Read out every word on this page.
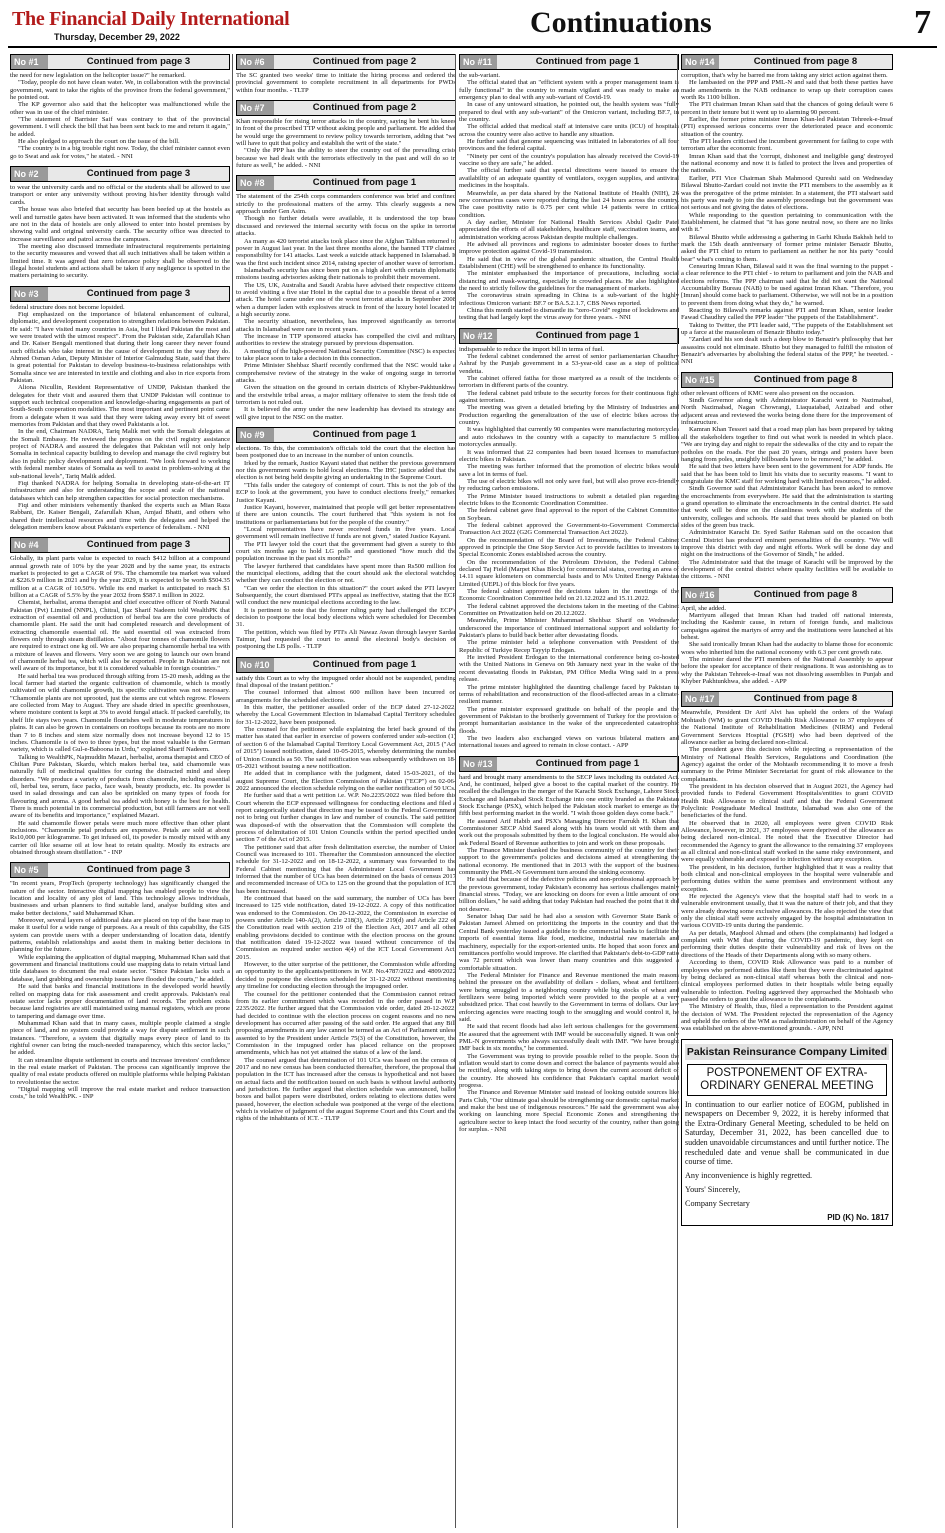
The Financial Daily International
Thursday, December 29, 2022	Continuations	7
No #1	Continued from page 3

the need for new legislation on the helicopter issue?" he remarked.

"Today, people do not have clean water. We, in collaboration with the provincial government, want to take the rights of the province from the federal government," he pointed out.

The KP governor also said that the helicopter was malfunctioned while the other was in use of the chief minister.

"The statement of Barrister Saif was contrary to that of the provincial government. I will check the bill that has been sent back to me and return it again," he added.

He also pledged to approach the court on the issue of the bill.

"The country is in a big trouble right now. Today, the chief minister cannot even go to Swat and ask for votes," he stated. - NNI

No #2	Continued from page 3

to wear the university cards and no official or the students shall be allowed to use transport or enter any university without proving his/her identity through valid cards.

The house was also briefed that security has been beefed up at the hostels as well and turnstile gates have been activated. It was informed that the students who are not in the data of hostels are only allowed to enter into hostel premises by showing valid and original university cards. The security office was directed to increase surveillance and patrol across the campuses.

The meeting also discussed immediate infrastructural requirements pertaining to the security measures and vowed that all such initiatives shall be taken within a limited time. It was agreed that zero tolerance policy shall be observed to the illegal hostel students and actions shall be taken if any negligence is spotted in the matters pertaining to security.

No #3	Continued from page 3

federal structure does not become lopsided.

Fiqi emphasized on the importance of bilateral enhancement of cultural, diplomatic, and development cooperation to strengthen relations between Pakistan. He said: "I have visited many countries in Asia, but I liked Pakistan the most and we were treated with the utmost respect". From the Pakistan side, Zafarullah Khan and Dr. Kaiser Bengali mentioned that during their long career they never found such officials who take interest in the cause of development in the way they do. Ahmed Osman Adan, Deputy Minister of Interior Galmudug State, said that there is great potential for Pakistan to develop business-to-business relationships with Somalia since we are interested in textile and clothing and also in rice exports from Pakistan.

Aliona Nicullin, Resident Representative of UNDP, Pakistan thanked the delegates for their visit and assured them that UNDP Pakistan will continue to support such technical cooperation and knowledge-sharing engagements as part of South-South cooperation modalities. The most important and pertinent point came from a delegate when it was said that they were taking away every bit of sweet memories from Pakistan and that they owed Pakistanis a lot.

In the end, Chairman NADRA, Tariq Malik met with the Somali delegates at the Somali Embassy. He reviewed the progress on the civil registry assistance project of NADRA and assured the delegates that Pakistan will not only help Somalia in technical capacity building to develop and manage the civil registry but also in public policy development and deployment. "We look forward to working with federal member states of Somalia as well to assist in problem-solving at the sub-national levels", Tariq Malik added.

Fiqi thanked NADRA for helping Somalia in developing state-of-the-art IT infrastructure and also for understanding the scope and scale of the national databases which can help strengthen capacities for social protection mechanisms.

Fiqi and other ministers vehemently thanked the experts such as Mian Raza Rabbani, Dr. Kaiser Bengali, Zafarullah Khan, Amjad Bhatti, and others who shared their intellectual resources and time with the delegates and helped the delegation members know about Pakistan's experience of federalism. - NNI

No #4	Continued from page 3

Globally, its plant parts value is expected to reach $412 billion at a compound annual growth rate of 10% by the year 2028 and by the same year, its extracts market is projected to get a CAGR of 9%. The chamomile tea market was valued at $226.9 million in 2021 and by the year 2029, it is expected to be worth $504.35 million at a CAGR of 10.50%. While its end market is anticipated to reach $1 billion at a CAGR of 5.5% by the year 2032 from $587.1 million in 2022.

Chemist, herbalist, aroma therapist and chief executive officer of North Natural Pakistan (Pvt) Limited (NNPL), Chitral, Ijaz Sharif Nadeem told WealthPK that extraction of essential oil and production of herbal tea are the core products of chamomile plant. He said the unit had completed research and development of extracting chamomile essential oil. He said essential oil was extracted from flowers only through steam distillation. "About four tonnes of chamomile flowers are required to extract one kg oil. We are also preparing chamomile herbal tea with a mixture of leaves and flowers. Very soon we are going to launch our own brand of chamomile herbal tea, which will also be exported. People in Pakistan are not well aware of its importance, but it is considered valuable in foreign countries."

He said herbal tea was produced through sifting from 15-20 mesh, adding as the local farmer had started the organic cultivation of chamomile, which is mostly cultivated on wild chamomile growth, its specific cultivation was not necessary. "Chamomile plants are not uprooted, just the stems are cut which regrow. Flowers are collected from May to August. They are shade dried in specific greenhouses, where moisture content is kept at 3% to avoid fungal attack. If packed carefully, its shelf life stays two years. Chamomile flourishes well in moderate temperatures in plains. It can also be grown in containers on rooftops because its roots are no more than 7 to 8 inches and stem size normally does not increase beyond 12 to 15 inches. Chamomile is of two to three types, but the most valuable is the German variety, which is called Gul-e-Baboona in Urdu," explained Sharif Nadeem.

Talking to WealthPK, Najmuddin Mazari, herbalist, aroma therapist and CEO of Chiltan Pure Pakistan, Skardu, which makes herbal tea, said chamomile was naturally full of medicinal qualities for curing the distracted mind and sleep disorders. "We produce a variety of products from chamomile, including essential oil, herbal tea, serum, face packs, face wash, beauty products, etc. Its powder is used in salad dressings and can also be sprinkled on many types of foods for flavouring and aroma. A good herbal tea added with honey is the best for health. There is much potential in its commercial production, but still farmers are not well aware of its benefits and importance," explained Mazari.

He said chamomile flower petals were much more effective than other plant inclusions. "Chamomile petal products are expensive. Petals are sold at about Rs10,000 per kilogramme. To get infused oil, its powder is mostly mixed with any carrier oil like sesame oil at low heat to retain quality. Mostly its extracts are obtained through steam distillation." - INP

No #5	Continued from page 3

"In recent years, PropTech (property technology) has significantly changed the nature of the sector. Interactive digital mapping has enabled people to view the location and locality of any plot of land. This technology allows individuals, businesses and urban planners to find suitable land, analyse building sites and make better decisions," said Muhammad Khan.

Moreover, several layers of additional data are placed on top of the base map to make it useful for a wide range of purposes. As a result of this capability, the GIS system can provide users with a deeper understanding of location data, identify patterns, establish relationships and assist them in making better decisions in planning for the future.

While explaining the application of digital mapping, Muhammad Khan said that government and financial institutions could use mapping data to retain virtual land title databases to document the real estate sector. "Since Pakistan lacks such a database, land grabbing and ownership issues have flooded the courts," he added.

He said that banks and financial institutions in the developed world heavily relied on mapping data for risk assessment and credit approvals. Pakistan's real estate sector lacks proper documentation of land records. The problem exists because land registries are still maintained using manual registers, which are prone to tampering and damage over time.

Muhammad Khan said that in many cases, multiple people claimed a single piece of land, and no system could provide a way for dispute settlement in such instances. "Therefore, a system that digitally maps every piece of land to its rightful owner can bring the much-needed transparency, which this sector lacks," he added.

It can streamline dispute settlement in courts and increase investors' confidence in the real estate market of Pakistan. The process can significantly improve the quality of real estate products offered on multiple platforms while helping Pakistan to revolutionise the sector.

"Digital mapping will improve the real estate market and reduce transaction costs," he told WealthPK. - INP

No #6	Continued from page 2

The SC granted two weeks' time to initiate the hiring process and ordered the provincial government to complete recruitment in all departments for PWDs within four months. - TLTP

No #7	Continued from page 2

Khan responsible for rising terror attacks in the country, saying he bent his knees in front of the proscribed TTP without asking people and parliament. He added that he would urge the government to review policy towards terrorism, adding that "we will have to quit that policy and establish the writ of the state."

"Only the PPP has the ability to steer the country out of the prevailing crisis because we had dealt with the terrorists effectively in the past and will do so in future as well," he added. - NNI

No #8	Continued from page 1

The statement of the 254th corps commanders conference was brief and confined strictly to the professional matters of the army. This clearly suggests a new approach under Gen Asim.

Though no further details were available, it is understood the top brass discussed and reviewed the internal security with focus on the spike in terrorist attacks.

As many as 420 terrorist attacks took place since the Afghan Taliban returned to power in August last year. In the last three months alone, the banned TTP claimed responsibility for 141 attacks. Last week a suicide attack happened in Islamabad. It was the first such incident since 2014, raising specter of another wave of terrorism.

Islamabad's security has since been put on a high alert with certain diplomatic missions issuing advisories asking their nationals to prohibit their movement.

The US, UK, Australia and Saudi Arabia have advised their respective citizens to avoid visiting a five star Hotel in the capital due to a possible threat of a terror attack. The hotel came under one of the worst terrorist attacks in September 2008 when a dumper laden with explosives struck in front of the luxury hotel located in a high security zone.

The security situation, nevertheless, has improved significantly as terrorist attacks in Islamabad were rare in recent years.

The increase in TTP sponsored attacks has compelled the civil and military authorities to review the strategy pursued by previous dispensation.

A meeting of the high-powered National Security Committee (NSC) is expected to take place soon to take a decision in this connection.

Prime Minister Shehbaz Sharif recently confirmed that the NSC would take a comprehensive review of the strategy in the wake of ongoing surge in terrorist attacks.

Given the situation on the ground in certain districts of Khyber-Pakhtunkhwa and the erstwhile tribal areas, a major military offensive to stem the fresh tide of terrorism is not ruled out.

It is believed the army under the new leadership has devised its strategy and will give input to the NSC on the matter.

No #9	Continued from page 1

elections. To this, the commission's officials told the court that the election has been postponed due to an increase in the number of union councils.

Irked by the remark, Justice Kayani stated that neither the previous government nor this government wants to hold local elections. The IHC justice added that the election is not being held despite giving an undertaking in the Supreme Court.

"This falls under the category of contempt of court. This is not the job of the ECP to look at the government, you have to conduct elections freely," remarked Justice Kayani.

Justice Kayani, however, maintained that people will get better representatives if there are union councils. The court furthered that "this system is not for institutions or parliamentarians but for the people of the country."

"Local representatives have never received funds in five years. Local government will remain ineffective if funds are not given," stated Justice Kayani.

The PTI lawyer told the court that the government had given a surety to this court six months ago to hold LG polls and questioned "how much did the population increase in the past six months?"

The lawyer furthered that candidates have spent more than Rs500 million for the municipal elections, adding that the court should ask the electoral watchdog whether they can conduct the election or not.

"Can we order the election in this situation?" the court asked the PTI lawyer. Subsequently, the court dismissed PTI's appeal as ineffective, stating that the ECP will conduct the new municipal elections according to the law.

It is pertinent to note that the former ruling party had challenged the ECP's decision to postpone the local body elections which were scheduled for December 31.

The petition, which was filed by PTI's Ali Nawaz Awan through lawyer Sardar Taimur, had requested the court to annul the electoral body's decision of postponing the LB polls. - TLTP

No #10	Continued from page 1

satisfy this Court as to why the impugned order should not be suspended, pending final disposal of the instant petition."

The counsel informed that almost 600 million have been incurred on arrangements for the scheduled elections.

In this matter, the petitioner assailed order of the ECP dated 27-12-2022, whereby the Local Government Election in Islamabad Capital Territory scheduled for 31-12-2022, have been postponed.

The counsel for the petitioner while explaining the brief back ground of the matter has stated that earlier in exercise of powers conferred under sub-section (1) of section 6 of the Islamabad Capital Territory Local Government Act, 2015 ("Act of 2015") issued notification, dated 10-05-2015, whereby determining the number of Union Councils as 50. The said notification was subsequently withdrawn on 18-05-2021 without issuing a new notification.

He added that in compliance with the judgment, dated 15-03-2021, of the august Supreme Court, the Election Commission of Pakistan ("ECP") on 02-06-2022 announced the election schedule relying on the earlier notification of 50 UCs.

He further said that a writ petition i.e. W.P. No.2235/2022 was filed before this Court wherein the ECP expressed willingness for conducting elections and filed a report categorically stated that direction may be issued to the Federal Government not to bring out further changes in law and number of councils. The said petition was disposed-of with the observation that the Commission will complete the process of delimitation of 101 Union Councils within the period specified under section 7 of the Act of 2015.

The petitioner said that after fresh delimitation exercise, the number of Union Council was increased to 101. Thereafter the Commission announced the election schedule for 31-12-2022 and on 18-12-2022, a summary was forwarded to the Federal Cabinet mentioning that the Administrator Local Government has informed that the number of UCs has been determined on the basis of census 2017 and recommended increase of UCs to 125 on the ground that the population of ICT has been increased.

He continued that based on the said summary, the number of UCs has been increased to 125 vide notification, dated 19-12-2022. A copy of this notification was endorsed to the Commission. On 20-12-2022, the Commission in exercise of powers under Article 140-A(2), Article 218(3), Article 219(d) and Article 222 of the Constitution read with section 219 of the Election Act, 2017 and all other enabling provisions decided to continue with the election process on the ground that notification dated 19-12-2022 was issued without concurrence of the Commission as required under section 4(4) of the ICT Local Government Act, 2015.

However, to the utter surprise of the petitioner, the Commission while affording an opportunity to the applicants/petitioners in W.P. No.4787/2022 and 4809/2022 decided to postpone the elections scheduled for 31-12-2022 without mentioning any timeline for conducting election through the impugned order.

The counsel for the petitioner contended that the Commission cannot retract from its earlier commitment which was recorded in the order passed in W.P. 2235/2022. He further argued that the Commission vide order, dated 20-12-2022, had decided to continue with the election process on cogent reasons and no new development has occurred after passing of the said order. He argued that any Bill proposing amendments in any law cannot be termed as an Act of Parliament unless assented to by the President under Article 75(3) of the Constitution, however, the Commission in the impugned order has placed reliance on the proposed amendments, which has not yet attained the status of a law of the land.

The counsel argued that determination of 101 UCs was based on the census of 2017 and no new census has been conducted thereafter, therefore, the proposal that population in the ICT has increased after the census is hypothetical and not based on actual facts and the notification issued on such basis is without lawful authority and jurisdiction. He further argued that election schedule was announced, ballot boxes and ballot papers were distributed, orders relating to elections duties were passed, however, the election schedule was postponed at the verge of the elections, which is violative of judgment of the august Supreme Court and this Court and the rights of the inhabitants of ICT. - TLTP

No #11	Continued from page 1

the sub-variant.

The official stated that an "efficient system with a proper management team is fully functional" in the country to remain vigilant and was ready to make an emergency plan to deal with any sub-variant of Covid-19.

In case of any untoward situation, he pointed out, the health system was "fully prepared to deal with any sub-variant" of the Omicron variant, including BF.7, in the country.

The official added that medical staff at intensive care units (ICU) of hospitals across the country were also active to handle any situation.

He further said that genome sequencing was initiated in laboratories of all four provinces and the federal capital.

"Ninety per cent of the country's population has already received the Covid-19 vaccine so they are safe," he added.

The official further said that special directions were issued to ensure the availability of an adequate quantity of ventilators, oxygen supplies, and antiviral medicines in the hospitals.

Meanwhile, as per data shared by the National Institute of Health (NIH), 26 new coronavirus cases were reported during the last 24 hours across the country. The case positivity ratio is 0.75 per cent while 14 patients were in critical condition.

A day earlier, Minister for National Health Services Abdul Qadir Patel appreciated the efforts of all stakeholders, healthcare staff, vaccination teams, and administration working across Pakistan despite multiple challenges.

He advised all provinces and regions to administer booster doses to further improve protection against Covid-19 transmission.

He said that in view of the global pandemic situation, the Central Health Establishment (CHE) will be strengthened to enhance its functionality.

The minister emphasised the importance of precautions, including social distancing and mask-wearing, especially in crowded places. He also highlighted the need to strictly follow the guidelines for the management of markets.

The coronavirus strain spreading in China is a sub-variant of the highly infectious Omicron variant: BF.7 or BA.5.2.1.7, CBS News reported.

China this month started to dismantle its "zero-Covid" regime of lockdowns and testing that had largely kept the virus away for three years. - NNI

No #12	Continued from page 1

indispensable to reduce the import bill in terms of fuel.

The federal cabinet condemned the arrest of senior parliamentarian Chaudhry Ashraf by the Punjab government in a 53-year-old case as a step of political vendetta.

The cabinet offered fatiha for those martyred as a result of the incidents of terrorism in different parts of the country.

The federal cabinet paid tribute to the security forces for their continuous fight against terrorism.

The meeting was given a detailed briefing by the Ministry of Industries and Production regarding the generalization of the use of electric bikes across the country.

It was highlighted that currently 90 companies were manufacturing motorcycles and auto rickshaws in the country with a capacity to manufacture 5 million motorcycles annually.

It was informed that 22 companies had been issued licenses to manufacture electric bikes in Pakistan.

The meeting was further informed that the promotion of electric bikes would save a lot in terms of fuel.

The use of electric bikes will not only save fuel, but will also prove eco-friendly by reducing carbon emissions.

The Prime Minister issued instructions to submit a detailed plan regarding electric bikes to the Economic Coordination Committee.

The federal cabinet gave final approval to the report of the Cabinet Committee on Soybean.

The federal cabinet approved the Government-to-Government Commercial Transaction Act 2022 (G2G Commercial Transaction Act 2022).

On the recommendation of the Board of Investments, the Federal Cabinet approved in principle the One Stop Service Act to provide facilities to investors in Special Economic Zones established across the country.

On the recommendation of the Petroleum Division, the Federal Cabinet declared Taj Field (Marpet Khas Block) for commercial status, covering an area of 14.11 square kilometers on commercial basis and to M/s United Energy Pakistan Limited (UEPL) of this block for five years.

The federal cabinet approved the decisions taken in the meetings of the Economic Coordination Committee held on 21.12.2022 and 15.11.2022.

The federal cabinet approved the decisions taken in the meeting of the Cabinet Committee on Privatization held on 20.12.2022.

Meanwhile, Prime Minister Muhammad Shehbaz Sharif on Wednesday underscored the importance of continued international support and solidarity for Pakistan's plans to build back better after devastating floods.

The prime minister held a telephone conversation with President of the Republic of Turkiye Recep Tayyip Erdogan.

He invited President Erdogan to the international conference being co-hosted with the United Nations in Geneva on 9th January next year in the wake of the recent devastating floods in Pakistan, PM Office Media Wing said in a press release.

The prime minister highlighted the daunting challenge faced by Pakistan in terms of rehabilitation and reconstruction of the flood-affected areas in a climate-resilient manner.

The prime minister expressed gratitude on behalf of the people and the government of Pakistan to the brotherly government of Turkey for the provision of prompt humanitarian assistance in the wake of the unprecedented catastrophic floods.

The two leaders also exchanged views on various bilateral matters and international issues and agreed to remain in close contact. - APP

No #13	Continued from page 1

hard and brought many amendments to the SECP laws including its outdated Act. And, he continued, helped give a boost to the capital market of the country. He recalled the challenges in the merger of the Karachi Stock Exchange, Lahore Stock Exchange and Islamabad Stock Exchange into one entity branded as the Pakistan Stock Exchange (PSX), which helped the Pakistan stock market to emerge as the fifth best performing market in the world. "I wish those golden days come back."

He assured Arif Habib and PSX's Managing Director Farrukh H. Khan that Commissioner SECP Abid Saeed along with his team would sit with them and work out the proposals submitted by them to the logical conclusion. He would also ask Federal Board of Revenue authorities to join and work on these proposals.

The Finance Minister thanked the business community of the country for their support to the government's policies and decisions aimed at strengthening the national economy. He mentioned that in 2013 with the support of the business community the PML-N Government turn around the sinking economy.

He said that because of the defective policies and non-professional approach by the previous government, today Pakistan's economy has serious challenges mainly financial stress. "Today, we are knocking on doors for even a little amount of one billion dollars," he said adding that today Pakistan had reached the point that it did not deserve.

Senator Ishaq Dar said he had also a session with Governor State Bank of Pakistan Jameel Ahmed on prioritizing the imports in the country and that the Central Bank yesterday issued a guideline to the commercial banks to facilitate the imports of essential items like food, medicine, industrial raw materials and machinery, especially for the export-oriented units. He hoped that soon forex and remittances portfolio would improve. He clarified that Pakistan's debt-to-GDP ratio was 72 percent which was lower than many countries and this suggested a comfortable situation.

The Federal Minister for Finance and Revenue mentioned the main reasons behind the pressure on the availability of dollars - dollars, wheat and fertilizers were being smuggled to a neighboring country while big stocks of wheat and fertilizers were being imported which were provided to the people at a very subsidized price. That cost heavily to the Government in terms of dollars. Our law enforcing agencies were reacting tough to the smuggling and would control it, he said.

He said that recent floods had also left serious challenges for the government. He assured that the agreement with IMF would be successfully signed. It was only PML-N governments who always successfully dealt with IMF. "We have brought IMF back in six months," he commented.

The Government was trying to provide possible relief to the people. Soon the inflation would start to come down and correct the balance of payments would also be rectified, along with taking steps to bring down the current account deficit of the country. He showed his confidence that Pakistan's capital market would progress.

The Finance and Revenue Minister said instead of looking outside sources like Paris Club, "Our ultimate goal should be strengthening our domestic capital market and make the best use of indigenous resources." He said the government was also working on launching more Special Economic Zones and strengthening the agriculture sector to keep intact the food security of the country, rather than going for surplus. - NNI

No #14	Continued from page 8

corruption, that's why he barred me from taking any strict action against them.

He lambasted on the PPP and PML-N and said that both these parties have made amendments in the NAB ordinance to wrap up their corruption cases worth Rs 1100 billion.

The PTI chairman Imran Khan said that the chances of going default were 6 percent in their tenure but it went up to alarming 90 percent.

Earlier, the former prime minister Imran Khan-led Pakistan Tehreek-e-Insaf (PTI) expressed serious concerns over the deteriorated peace and economic situation of the country.

The PTI leaders criticised the incumbent government for failing to cope with terrorism after the economic front.

Imran Khan said that the 'corrupt, dishonest and ineligible gang' destroyed the national economy and now it is failed to protect the lives and properties of the nationals.

Earlier, PTI Vice Chairman Shah Mahmood Qureshi said on Wednesday Bilawal Bhutto-Zardari could not invite the PTI members to the assembly as it was the prerogative of the prime minister. In a statement, the PTI stalwart said his party was ready to join the assembly proceedings but the government was not serious and not giving the dates of elections.

While responding to the question pertaining to communication with the Establishment, he claimed that "it has gone neutral now, so there are no links with it."

Bilawal Bhutto while addressing a gathering in Garhi Khuda Bakhsh held to mark the 15th death anniversary of former prime minister Benazir Bhutto, asked the PTI chief to return to parliament as neither he nor his party "could bear" what's coming to them.

Censuring Imran Khan, Bilawal said it was the final warning to the puppet - a clear reference to the PTI chief - to return to parliament and join the NAB and elections reforms. The PPP chairman said that he did not want the National Accountability Bureau (NAB) to be used against Imran Khan. "Therefore, you [Imran] should come back to parliament. Otherwise, we will not be in a position to prevent them from doing what they do," he warned.

Reacting to Bilawal's remarks against PTI and Imran Khan, senior leader Fawad Chaudhry called the PPP leader "the puppets of the Establishment".

Taking to Twitter, the PTI leader said, "The puppets of the Establishment set up a farce at the mausoleum of Benazir Bhutto today."

"Zardari and his son dealt such a deep blow to Benazir's philosophy that her assassins could not eliminate. Bhutto but they managed to fulfill the mission of Benazir's adversaries by abolishing the federal status of the PPP," he tweeted. - NNI

No #15	Continued from page 8

other relevant officers of KMC were also present on the occasion.

Sindh Governor along with Administrator Karachi went to Nazimabad, North Nazimabad, Nagan Chowrangi, Liaquatabad, Azizabad and other adjacent areas and reviewed the works being done there for the improvement of infrastructure.

Kamran Khan Tessori said that a road map plan has been prepared by taking all the stakeholders together to find out what work is needed in which place. "We are trying day and night to repair the sidewalks of the city and to repair the potholes on the roads. For the past 20 years, strings and posters have been hanging from poles, unsightly billboards have to be removed," he added.

He said that two letters have been sent to the government for ADP funds. He said that he has been told to limit his visits due to security reasons. "I want to congratulate the KMC staff for working hard with limited resources," he added.

Sindh Governor said that Administrator Karachi has been asked to remove the encroachments from everywhere. He said that the administration is starting a grand operation to eliminate the encroachments in the central district. He said that work will be done on the cleanliness work with the students of the university, colleges and schools. He said that trees should be planted on both sides of the green bus track.

Administrator Karachi Dr. Syed Saifur Rahman said on the occasion that Central District has produced eminent personalities of the country. "We will improve this district with day and night efforts. Work will be done day and night on the instructions of the Governor of Sindh," he added.

The Administrator said that the image of Karachi will be improved by the development of the central district where quality facilities will be available to the citizens. - NNI

No #16	Continued from page 8

April, she added.

Marriyum alleged that Imran Khan had traded off national interests, including the Kashmir cause, in return of foreign funds, and malicious campaigns against the martyrs of army and the institutions were launched at his behest.

She said ironically Imran Khan had the audacity to blame those for economic woes who inherited him the national economy with 6.3 per cent growth rate.

The minister dared the PTI members of the National Assembly to appear before the speaker for acceptance of their resignations. It was astonishing as to why the Pakistan Tehreek-e-Insaf was not dissolving assemblies in Punjab and Khyber Pakhtunkhwa, she added. - APP

No #17	Continued from page 8

Meanwhile, President Dr Arif Alvi has upheld the orders of the Wafaqi Mohtasib (WM) to grant COVID Health Risk Allowance to 37 employees of the National Institute of Rehabilitation Medicines (NIRM) and Federal Government Services Hospital (FGSH) who had been deprived of the allowance earlier as being declared non-clinical.

The president gave this decision while rejecting a representation of the Ministry of National Health Services, Regulations and Coordination (the Agency) against the order of the Mohtasib recommending it to move a fresh summary to the Prime Minister Secretariat for grant of risk allowance to the complainants.

The president in his decision observed that in August 2021, the Agency had provided funds to Federal Government Hospitals/entities to grant COVID Health Risk Allowance to clinical staff and that the Federal Government Polyclinic Postgraduate Medical Institute, Islamabad was also one of the beneficiaries of the fund.

He observed that in 2020, all employees were given COVID Risk Allowance, however, in 2021, 37 employees were deprived of the allowance as being declared non-clinical. He noted that the Executive Director had recommended the Agency to grant the allowance to the remaining 37 employees as all clinical and non-clinical staff worked in the same risky environment, and were equally vulnerable and exposed to infection without any exception.

The president, in his decision, further highlighted that it was a reality that both clinical and non-clinical employees in the hospital were vulnerable and performing duties within the same premises and environment without any exception.

He rejected the Agency's view that the hospital staff had to work in a vulnerable environment usually, that it was the nature of their job, and that they were already drawing some exclusive allowances. He also rejected the view that only the clinical staff were actively engaged by the hospital administration in various COVID-19 units during the pandemic.

As per details, Maqbool Ahmad and others (the complainants) had lodged a complaint with WM that during the COVID-19 pandemic, they kept on performing their duties despite their vulnerability and risk of lives on the directions of the Heads of their Departments along with so many others.

According to them, COVID Risk Allowance was paid to a number of employees who performed duties like them but they were discriminated against by being declared as non-clinical staff whereas both the clinical and non-clinical employees performed duties in their hospitals while being equally vulnerable to infection. Feeling aggrieved they approached the Mohtasib who passed the orders to grant the allowance to the complainants.

The Ministry of Health, thus, filed a representation to the President against the decision of WM. The President rejected the representation of the Agency and upheld the orders of the WM as maladministration on behalf of the Agency was established on the above-mentioned grounds. - APP, NNI

Pakistan Reinsurance Company Limited
POSTPONEMENT OF EXTRA-ORDINARY GENERAL MEETING

In continuation to our earlier notice of EOGM, published in newspapers on December 9, 2022, it is hereby informed that the Extra-Ordinary General Meeting, scheduled to be held on Saturday, December 31, 2022, has been cancelled due to sudden unavoidable circumstances and until further notice. The rescheduled date and venue shall be communicated in due course of time.

Any inconvenience is highly regretted.

Yours' Sincerely,

Company Secretary

PID (K) No. 1817
